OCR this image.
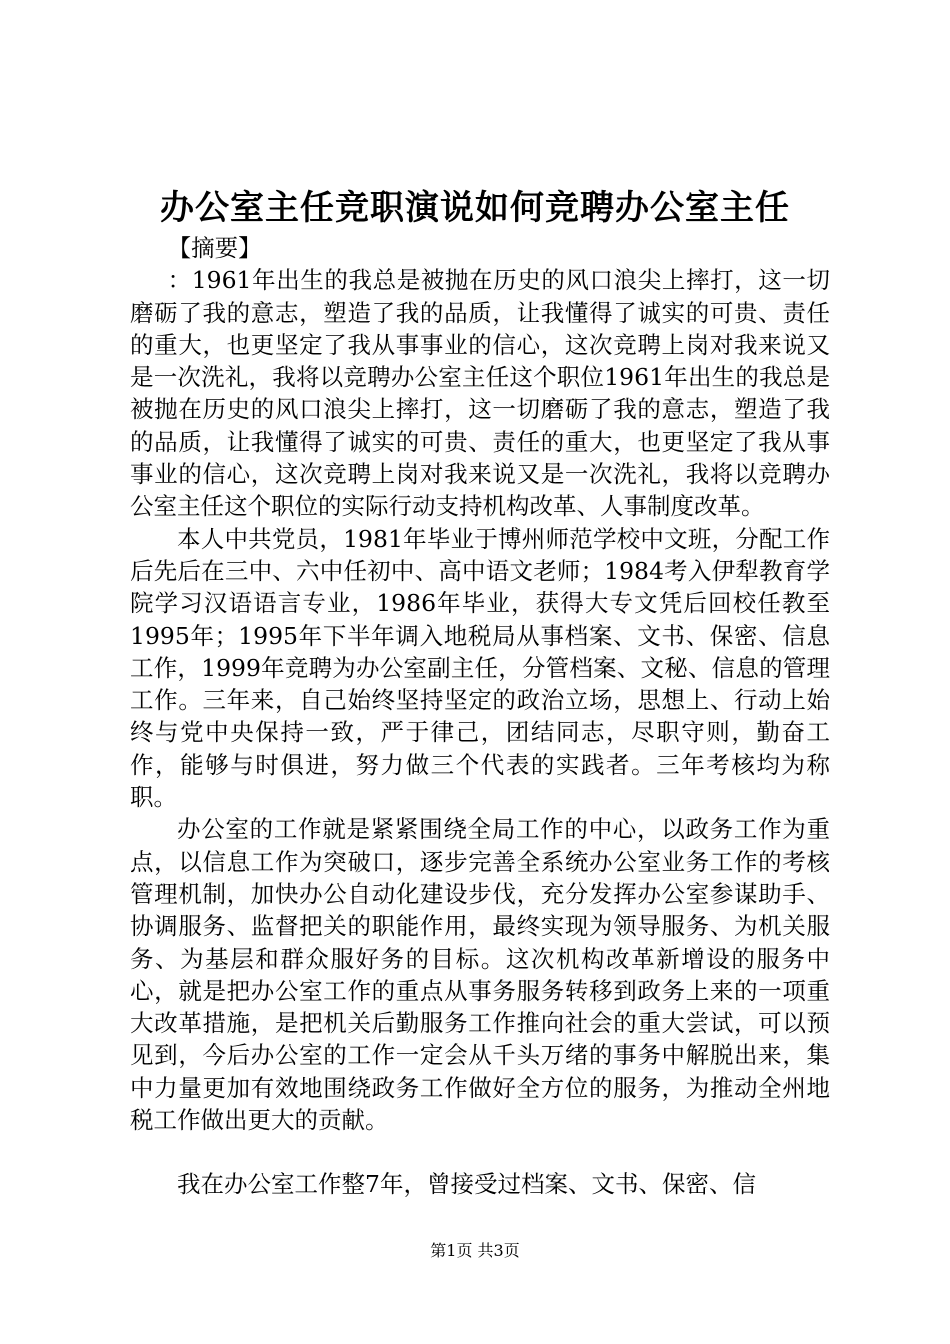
办公室主任竞职演说如何竞聘办公室主任

【摘要】

：1961年出生的我总是被抛在历史的风口浪尖上摔打，这一切磨砺了我的意志，塑造了我的品质，让我懂得了诚实的可贵、责任的重大，也更坚定了我从事事业的信心，这次竞聘上岗对我来说又是一次洗礼，我将以竞聘办公室主任这个职位1961年出生的我总是被抛在历史的风口浪尖上摔打，这一切磨砺了我的意志，塑造了我的品质，让我懂得了诚实的可贵、责任的重大，也更坚定了我从事事业的信心，这次竞聘上岗对我来说又是一次洗礼，我将以竞聘办公室主任这个职位的实际行动支持机构改革、人事制度改革。

本人中共党员，1981年毕业于博州师范学校中文班，分配工作后先后在三中、六中任初中、高中语文老师；1984考入伊犁教育学院学习汉语语言专业，1986年毕业，获得大专文凭后回校任教至1995年；1995年下半年调入地税局从事档案、文书、保密、信息工作，1999年竞聘为办公室副主任，分管档案、文秘、信息的管理工作。三年来，自己始终坚持坚定的政治立场，思想上、行动上始终与党中央保持一致，严于律己，团结同志，尽职守则，勤奋工作，能够与时俱进，努力做三个代表的实践者。三年考核均为称职。

办公室的工作就是紧紧围绕全局工作的中心，以政务工作为重点，以信息工作为突破口，逐步完善全系统办公室业务工作的考核管理机制，加快办公自动化建设步伐，充分发挥办公室参谋助手、协调服务、监督把关的职能作用，最终实现为领导服务、为机关服务、为基层和群众服好务的目标。这次机构改革新增设的服务中心，就是把办公室工作的重点从事务服务转移到政务上来的一项重大改革措施，是把机关后勤服务工作推向社会的重大尝试，可以预见到，今后办公室的工作一定会从千头万绪的事务中解脱出来，集中力量更加有效地围绕政务工作做好全方位的服务，为推动全州地税工作做出更大的贡献。

我在办公室工作整7年，曾接受过档案、文书、保密、信

第1页 共3页
